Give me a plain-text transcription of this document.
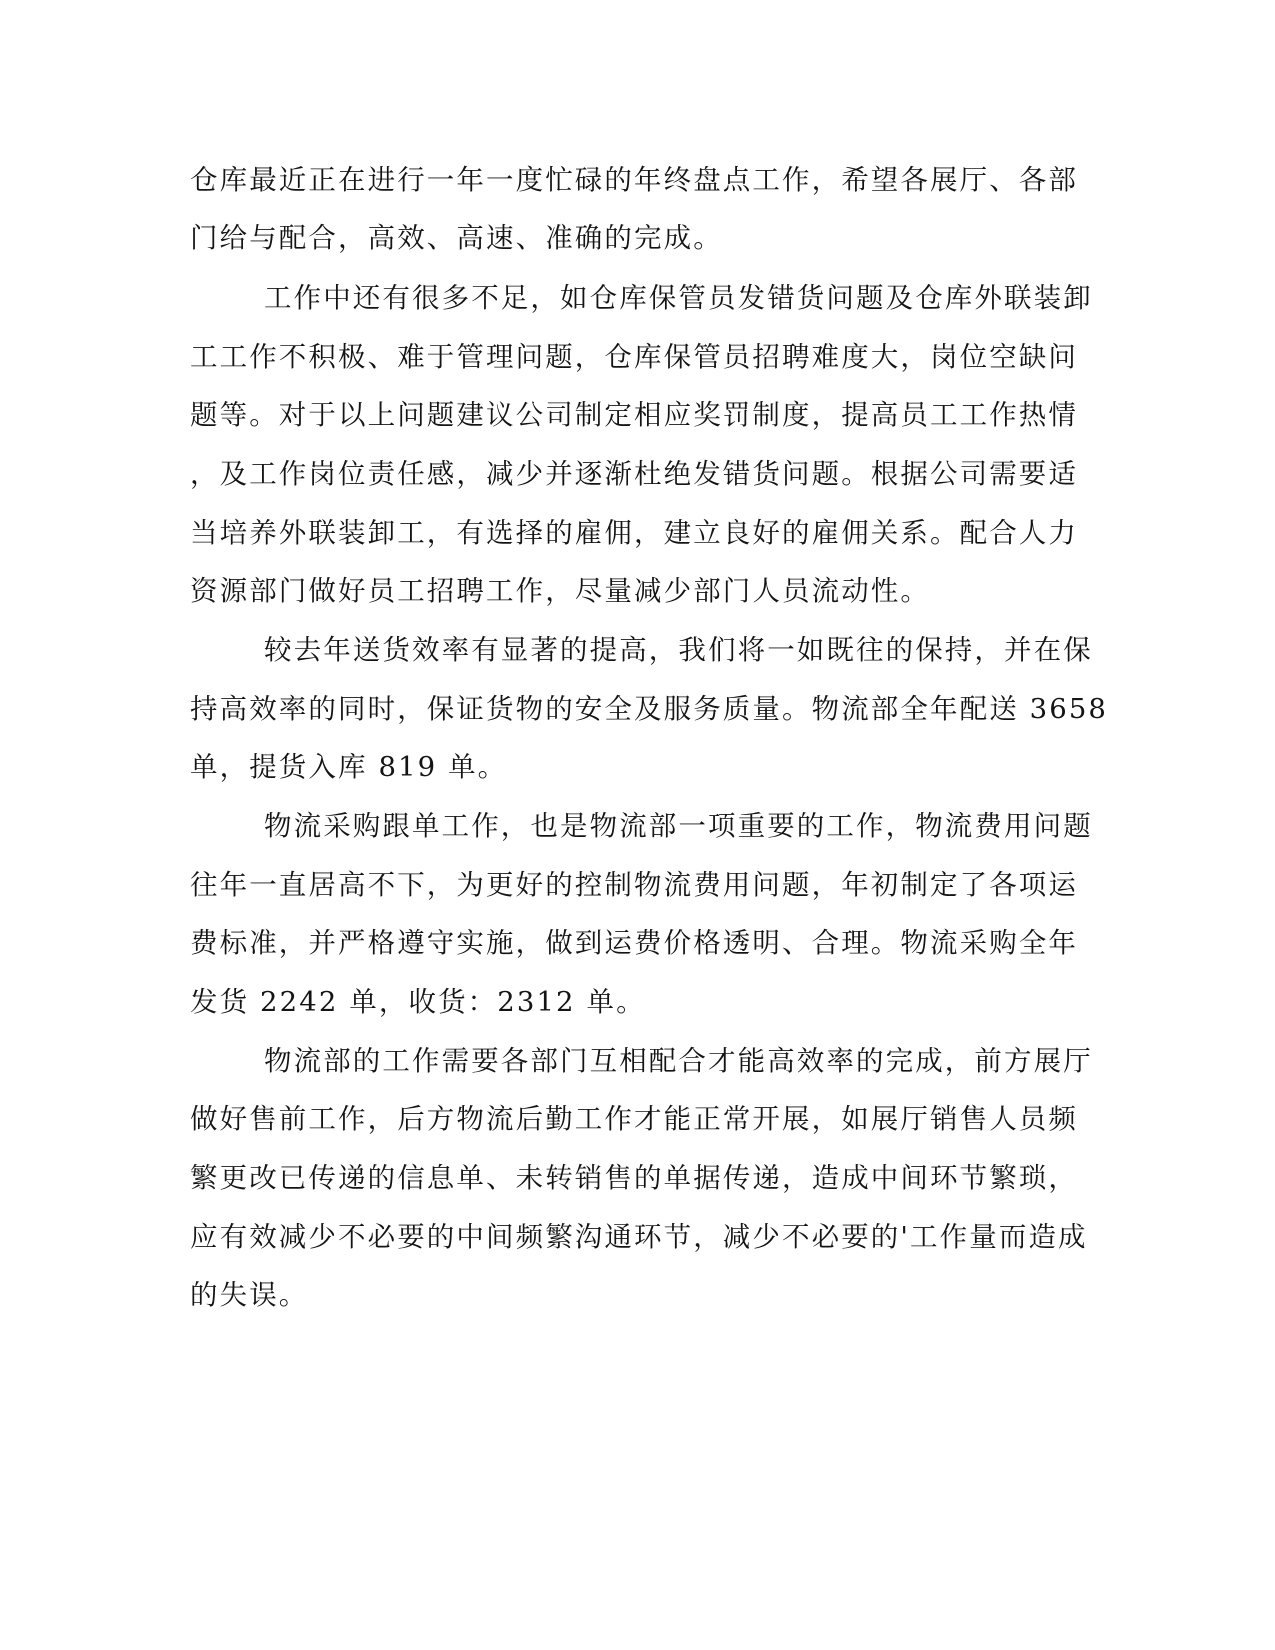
仓库最近正在进行一年一度忙碌的年终盘点工作，希望各展厅、各部

门给与配合，高效、高速、准确的完成。

工作中还有很多不足，如仓库保管员发错货问题及仓库外联装卸

工工作不积极、难于管理问题，仓库保管员招聘难度大，岗位空缺问

题等。对于以上问题建议公司制定相应奖罚制度，提高员工工作热情

，及工作岗位责任感，减少并逐渐杜绝发错货问题。根据公司需要适

当培养外联装卸工，有选择的雇佣，建立良好的雇佣关系。配合人力

资源部门做好员工招聘工作，尽量减少部门人员流动性。

较去年送货效率有显著的提高，我们将一如既往的保持，并在保

持高效率的同时，保证货物的安全及服务质量。物流部全年配送 3658

单，提货入库 819 单。

物流采购跟单工作，也是物流部一项重要的工作，物流费用问题

往年一直居高不下，为更好的控制物流费用问题，年初制定了各项运

费标准，并严格遵守实施，做到运费价格透明、合理。物流采购全年

发货 2242 单，收货：2312 单。

物流部的工作需要各部门互相配合才能高效率的完成，前方展厅

做好售前工作，后方物流后勤工作才能正常开展，如展厅销售人员频

繁更改已传递的信息单、未转销售的单据传递，造成中间环节繁琐，

应有效减少不必要的中间频繁沟通环节，减少不必要的'工作量而造成

的失误。
